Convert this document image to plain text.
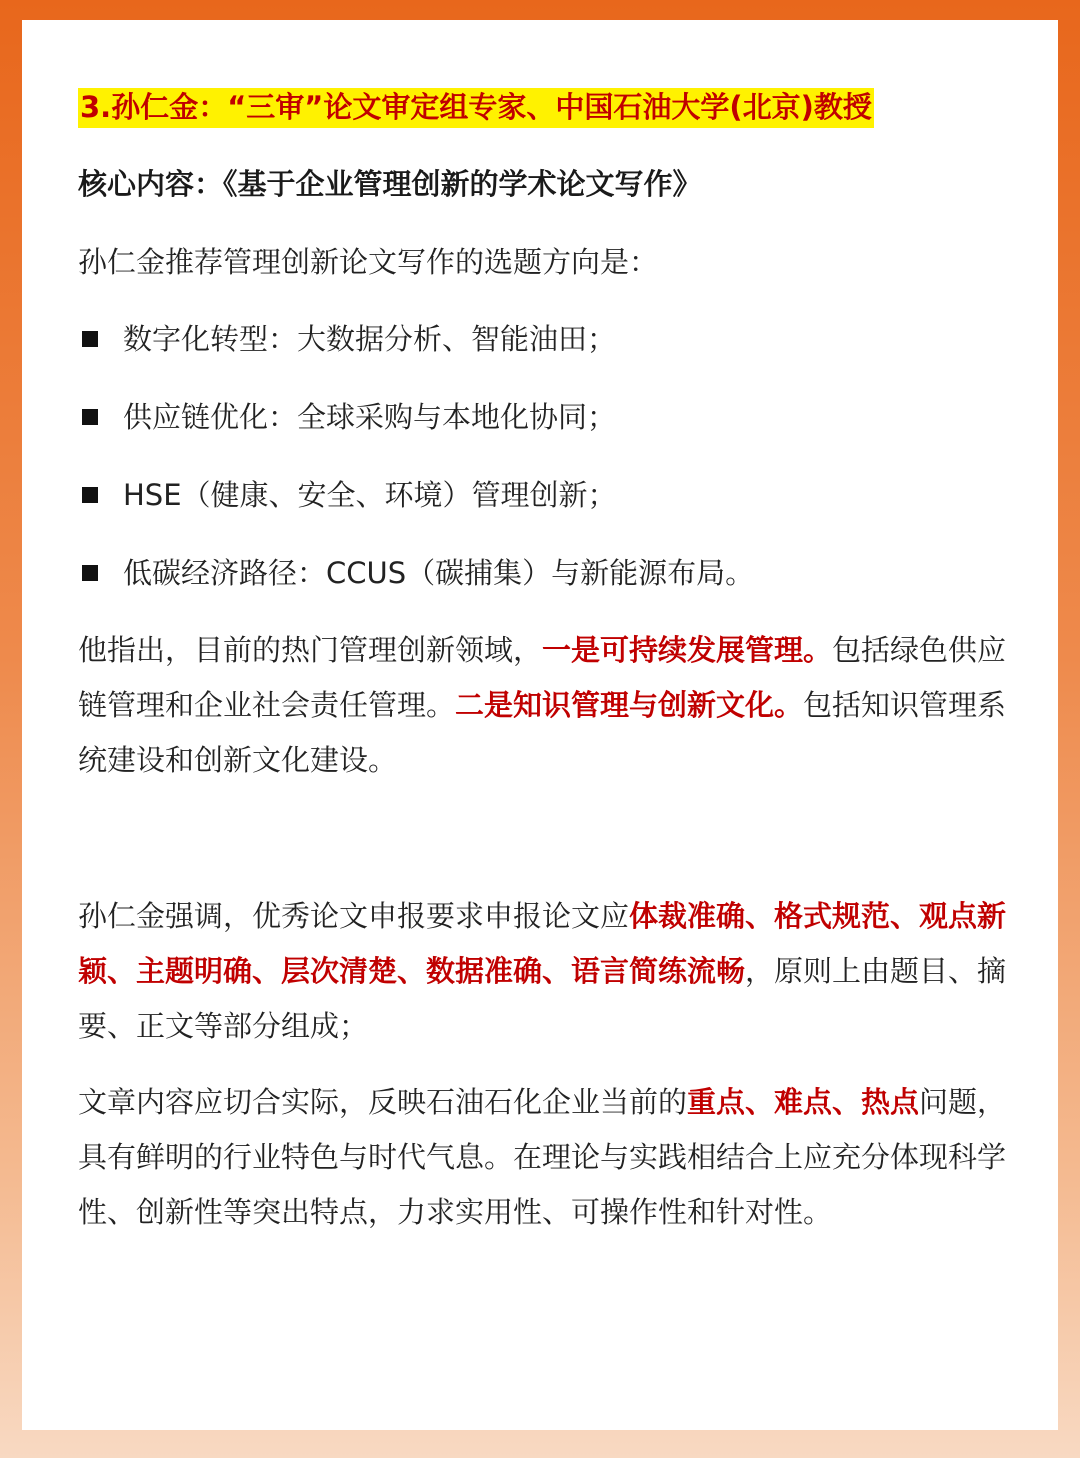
3.孙仁金：“三审”论文审定组专家、中国石油大学(北京)教授

核心内容：《基于企业管理创新的学术论文写作》

孙仁金推荐管理创新论文写作的选题方向是：

数字化转型：大数据分析、智能油田；

供应链优化：全球采购与本地化协同；

HSE（健康、安全、环境）管理创新；

低碳经济路径：CCUS（碳捕集）与新能源布局。

他指出，目前的热门管理创新领域，一是可持续发展管理。包括绿色供应链管理和企业社会责任管理。二是知识管理与创新文化。包括知识管理系统建设和创新文化建设。

孙仁金强调，优秀论文申报要求申报论文应体裁准确、格式规范、观点新颖、主题明确、层次清楚、数据准确、语言简练流畅，原则上由题目、摘要、正文等部分组成；

文章内容应切合实际，反映石油石化企业当前的重点、难点、热点问题，具有鲜明的行业特色与时代气息。在理论与实践相结合上应充分体现科学性、创新性等突出特点，力求实用性、可操作性和针对性。
